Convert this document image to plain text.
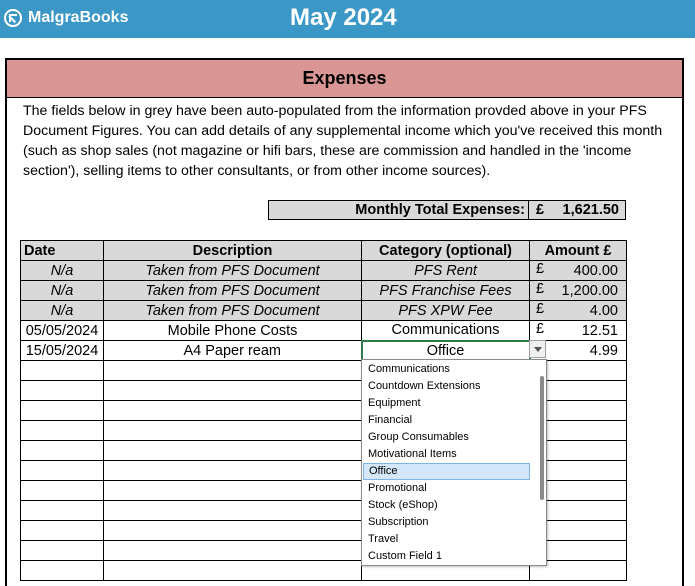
MalgraBooks	May 2024
Expenses

The fields below in grey have been auto-populated from the information provded above in your PFS Document Figures. You can add details of any supplemental income which you've received this month (such as shop sales (not magazine or hifi bars, these are commission and handled in the 'income section'), selling items to other consultants, or from other income sources).

Monthly Total Expenses: £ 1,621.50
Date	Description	Category (optional)	Amount £
N/a	Taken from PFS Document	PFS Rent	£ 400.00
N/a	Taken from PFS Document	PFS Franchise Fees	£ 1,200.00
N/a	Taken from PFS Document	PFS XPW Fee	£ 4.00
05/05/2024	Mobile Phone Costs	Communications	£ 12.51
15/05/2024	A4 Paper ream	Office	4.99

Communications
Countdown Extensions
Equipment
Financial
Group Consumables
Motivational Items
Office
Promotional
Stock (eShop)
Subscription
Travel
Custom Field 1
